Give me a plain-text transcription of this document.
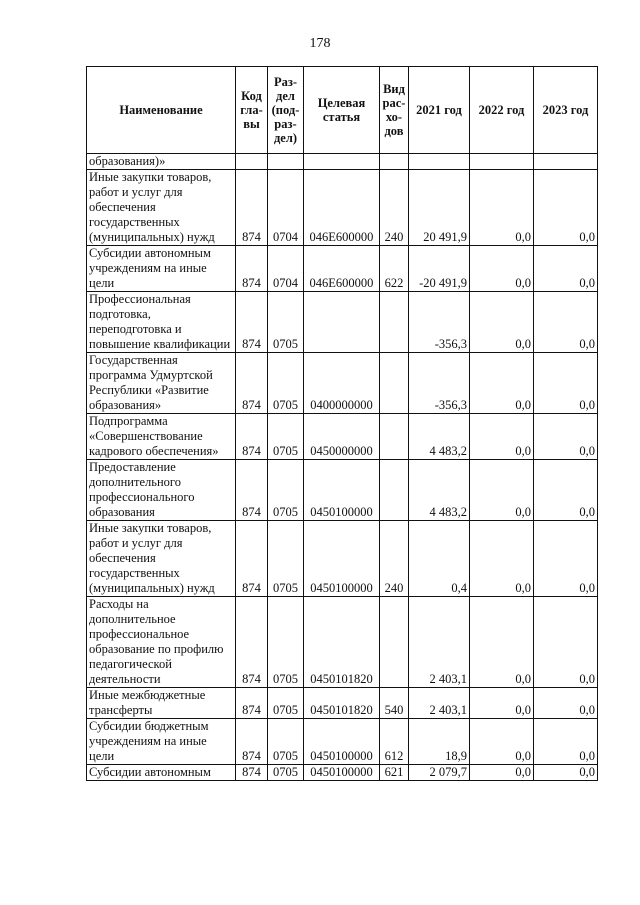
178
Наименование	Код гла- вы	Раз- дел (под- раз- дел)	Целевая статья	Вид рас- хо- дов	2021 год	2022 год	2023 год
образования)»							
Иные закупки товаров, работ и услуг для обеспечения государственных (муниципальных) нужд	874	0704	046E600000	240	20 491,9	0,0	0,0
Субсидии автономным учреждениям на иные цели	874	0704	046E600000	622	-20 491,9	0,0	0,0
Профессиональная подготовка, переподготовка и повышение квалификации	874	0705			-356,3	0,0	0,0
Государственная программа Удмуртской Республики «Развитие образования»	874	0705	0400000000		-356,3	0,0	0,0
Подпрограмма «Совершенствование кадрового обеспечения»	874	0705	0450000000		4 483,2	0,0	0,0
Предоставление дополнительного профессионального образования	874	0705	0450100000		4 483,2	0,0	0,0
Иные закупки товаров, работ и услуг для обеспечения государственных (муниципальных) нужд	874	0705	0450100000	240	0,4	0,0	0,0
Расходы на дополнительное профессиональное образование по профилю педагогической деятельности	874	0705	0450101820		2 403,1	0,0	0,0
Иные межбюджетные трансферты	874	0705	0450101820	540	2 403,1	0,0	0,0
Субсидии бюджетным учреждениям на иные цели	874	0705	0450100000	612	18,9	0,0	0,0
Субсидии автономным	874	0705	0450100000	621	2 079,7	0,0	0,0
